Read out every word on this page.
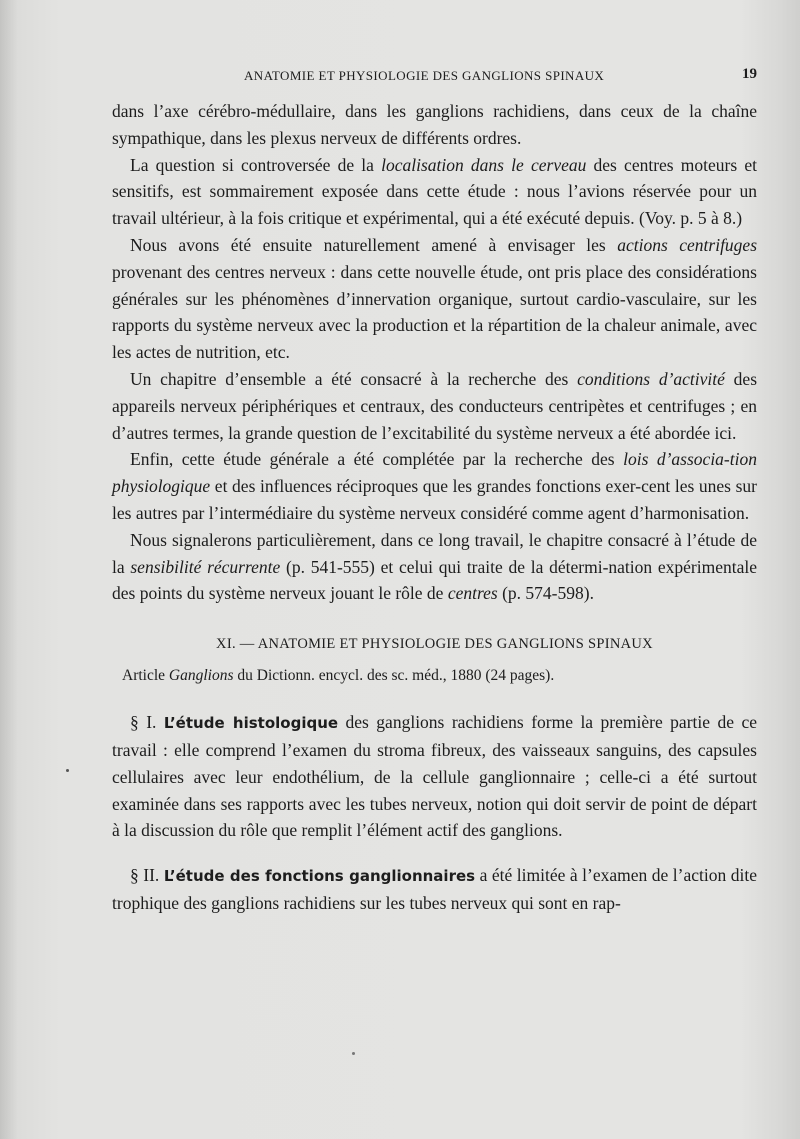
ANATOMIE ET PHYSIOLOGIE DES GANGLIONS SPINAUX	19

dans l’axe cérébro-médullaire, dans les ganglions rachidiens, dans ceux de la chaîne sympathique, dans les plexus nerveux de différents ordres.

La question si controversée de la localisation dans le cerveau des centres moteurs et sensitifs, est sommairement exposée dans cette étude : nous l’avions réservée pour un travail ultérieur, à la fois critique et expérimental, qui a été exécuté depuis. (Voy. p. 5 à 8.)

Nous avons été ensuite naturellement amené à envisager les actions centrifuges provenant des centres nerveux : dans cette nouvelle étude, ont pris place des considérations générales sur les phénomènes d’innervation organique, surtout cardio-vasculaire, sur les rapports du système nerveux avec la production et la répartition de la chaleur animale, avec les actes de nutrition, etc.

Un chapitre d’ensemble a été consacré à la recherche des conditions d’activité des appareils nerveux périphériques et centraux, des conducteurs centripètes et centrifuges ; en d’autres termes, la grande question de l’excitabilité du système nerveux a été abordée ici.

Enfin, cette étude générale a été complétée par la recherche des lois d’associa-tion physiologique et des influences réciproques que les grandes fonctions exer-cent les unes sur les autres par l’intermédiaire du système nerveux considéré comme agent d’harmonisation.

Nous signalerons particulièrement, dans ce long travail, le chapitre consacré à l’étude de la sensibilité récurrente (p. 541-555) et celui qui traite de la détermi-nation expérimentale des points du système nerveux jouant le rôle de centres (p. 574-598).

XI. — ANATOMIE ET PHYSIOLOGIE DES GANGLIONS SPINAUX

Article Ganglions du Dictionn. encycl. des sc. méd., 1880 (24 pages).

§ I. L’étude histologique des ganglions rachidiens forme la première partie de ce travail : elle comprend l’examen du stroma fibreux, des vaisseaux sanguins, des capsules cellulaires avec leur endothélium, de la cellule ganglionnaire ; celle-ci a été surtout examinée dans ses rapports avec les tubes nerveux, notion qui doit servir de point de départ à la discussion du rôle que remplit l’élément actif des ganglions.

§ II. L’étude des fonctions ganglionnaires a été limitée à l’examen de l’action dite trophique des ganglions rachidiens sur les tubes nerveux qui sont en rap-
